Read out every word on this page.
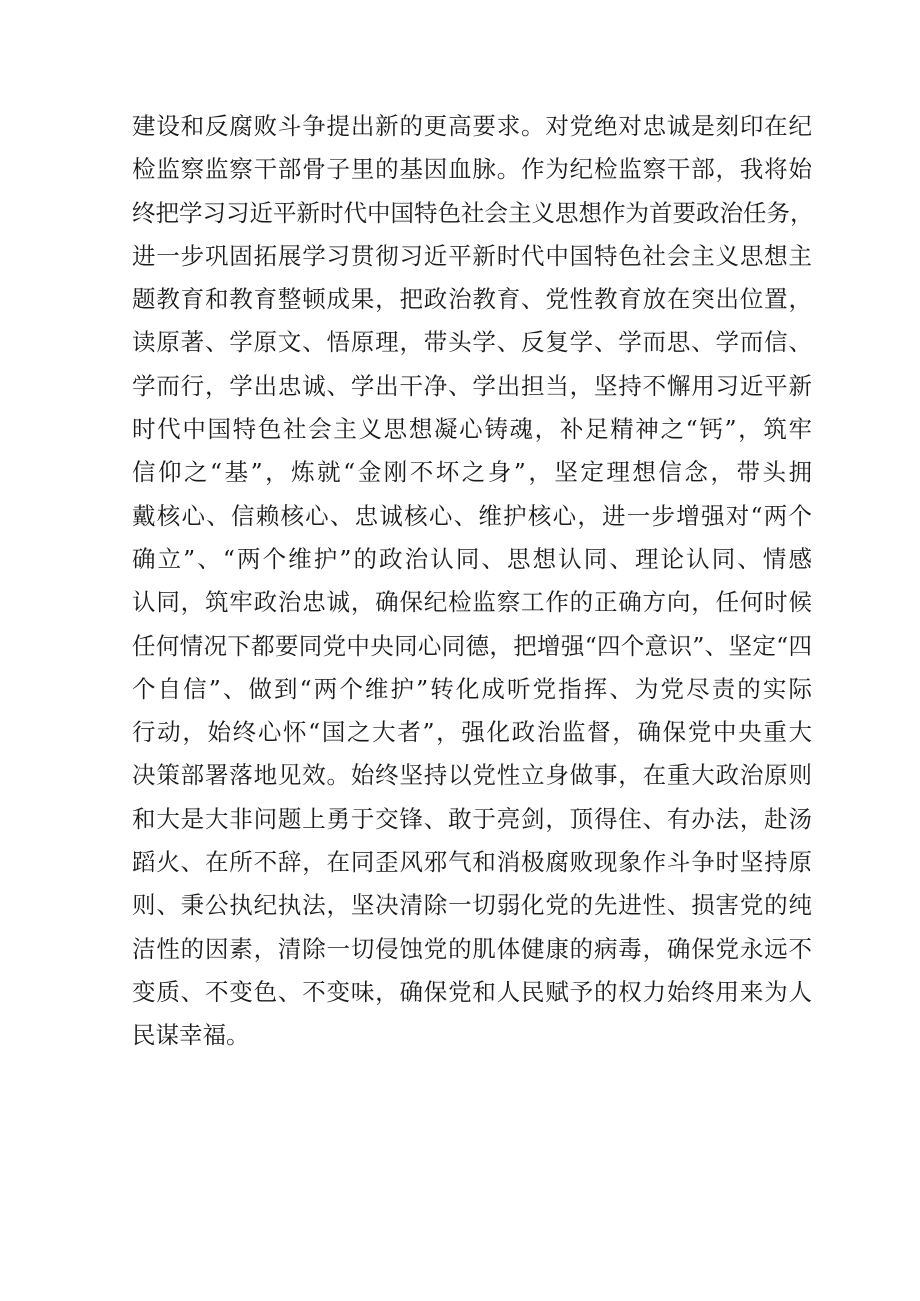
建设和反腐败斗争提出新的更高要求。对党绝对忠诚是刻印在纪
检监察监察干部骨子里的基因血脉。作为纪检监察干部，我将始
终把学习习近平新时代中国特色社会主义思想作为首要政治任务，
进一步巩固拓展学习贯彻习近平新时代中国特色社会主义思想主
题教育和教育整顿成果，把政治教育、党性教育放在突出位置，
读原著、学原文、悟原理，带头学、反复学、学而思、学而信、
学而行，学出忠诚、学出干净、学出担当，坚持不懈用习近平新
时代中国特色社会主义思想凝心铸魂，补足精神之“钙”，筑牢
信仰之“基”，炼就“金刚不坏之身”，坚定理想信念，带头拥
戴核心、信赖核心、忠诚核心、维护核心，进一步增强对“两个
确立”、“两个维护”的政治认同、思想认同、理论认同、情感
认同，筑牢政治忠诚，确保纪检监察工作的正确方向，任何时候
任何情况下都要同党中央同心同德，把增强“四个意识”、坚定“四
个自信”、做到“两个维护”转化成听党指挥、为党尽责的实际
行动，始终心怀“国之大者”，强化政治监督，确保党中央重大
决策部署落地见效。始终坚持以党性立身做事，在重大政治原则
和大是大非问题上勇于交锋、敢于亮剑，顶得住、有办法，赴汤
蹈火、在所不辞，在同歪风邪气和消极腐败现象作斗争时坚持原
则、秉公执纪执法，坚决清除一切弱化党的先进性、损害党的纯
洁性的因素，清除一切侵蚀党的肌体健康的病毒，确保党永远不
变质、不变色、不变味，确保党和人民赋予的权力始终用来为人
民谋幸福。
